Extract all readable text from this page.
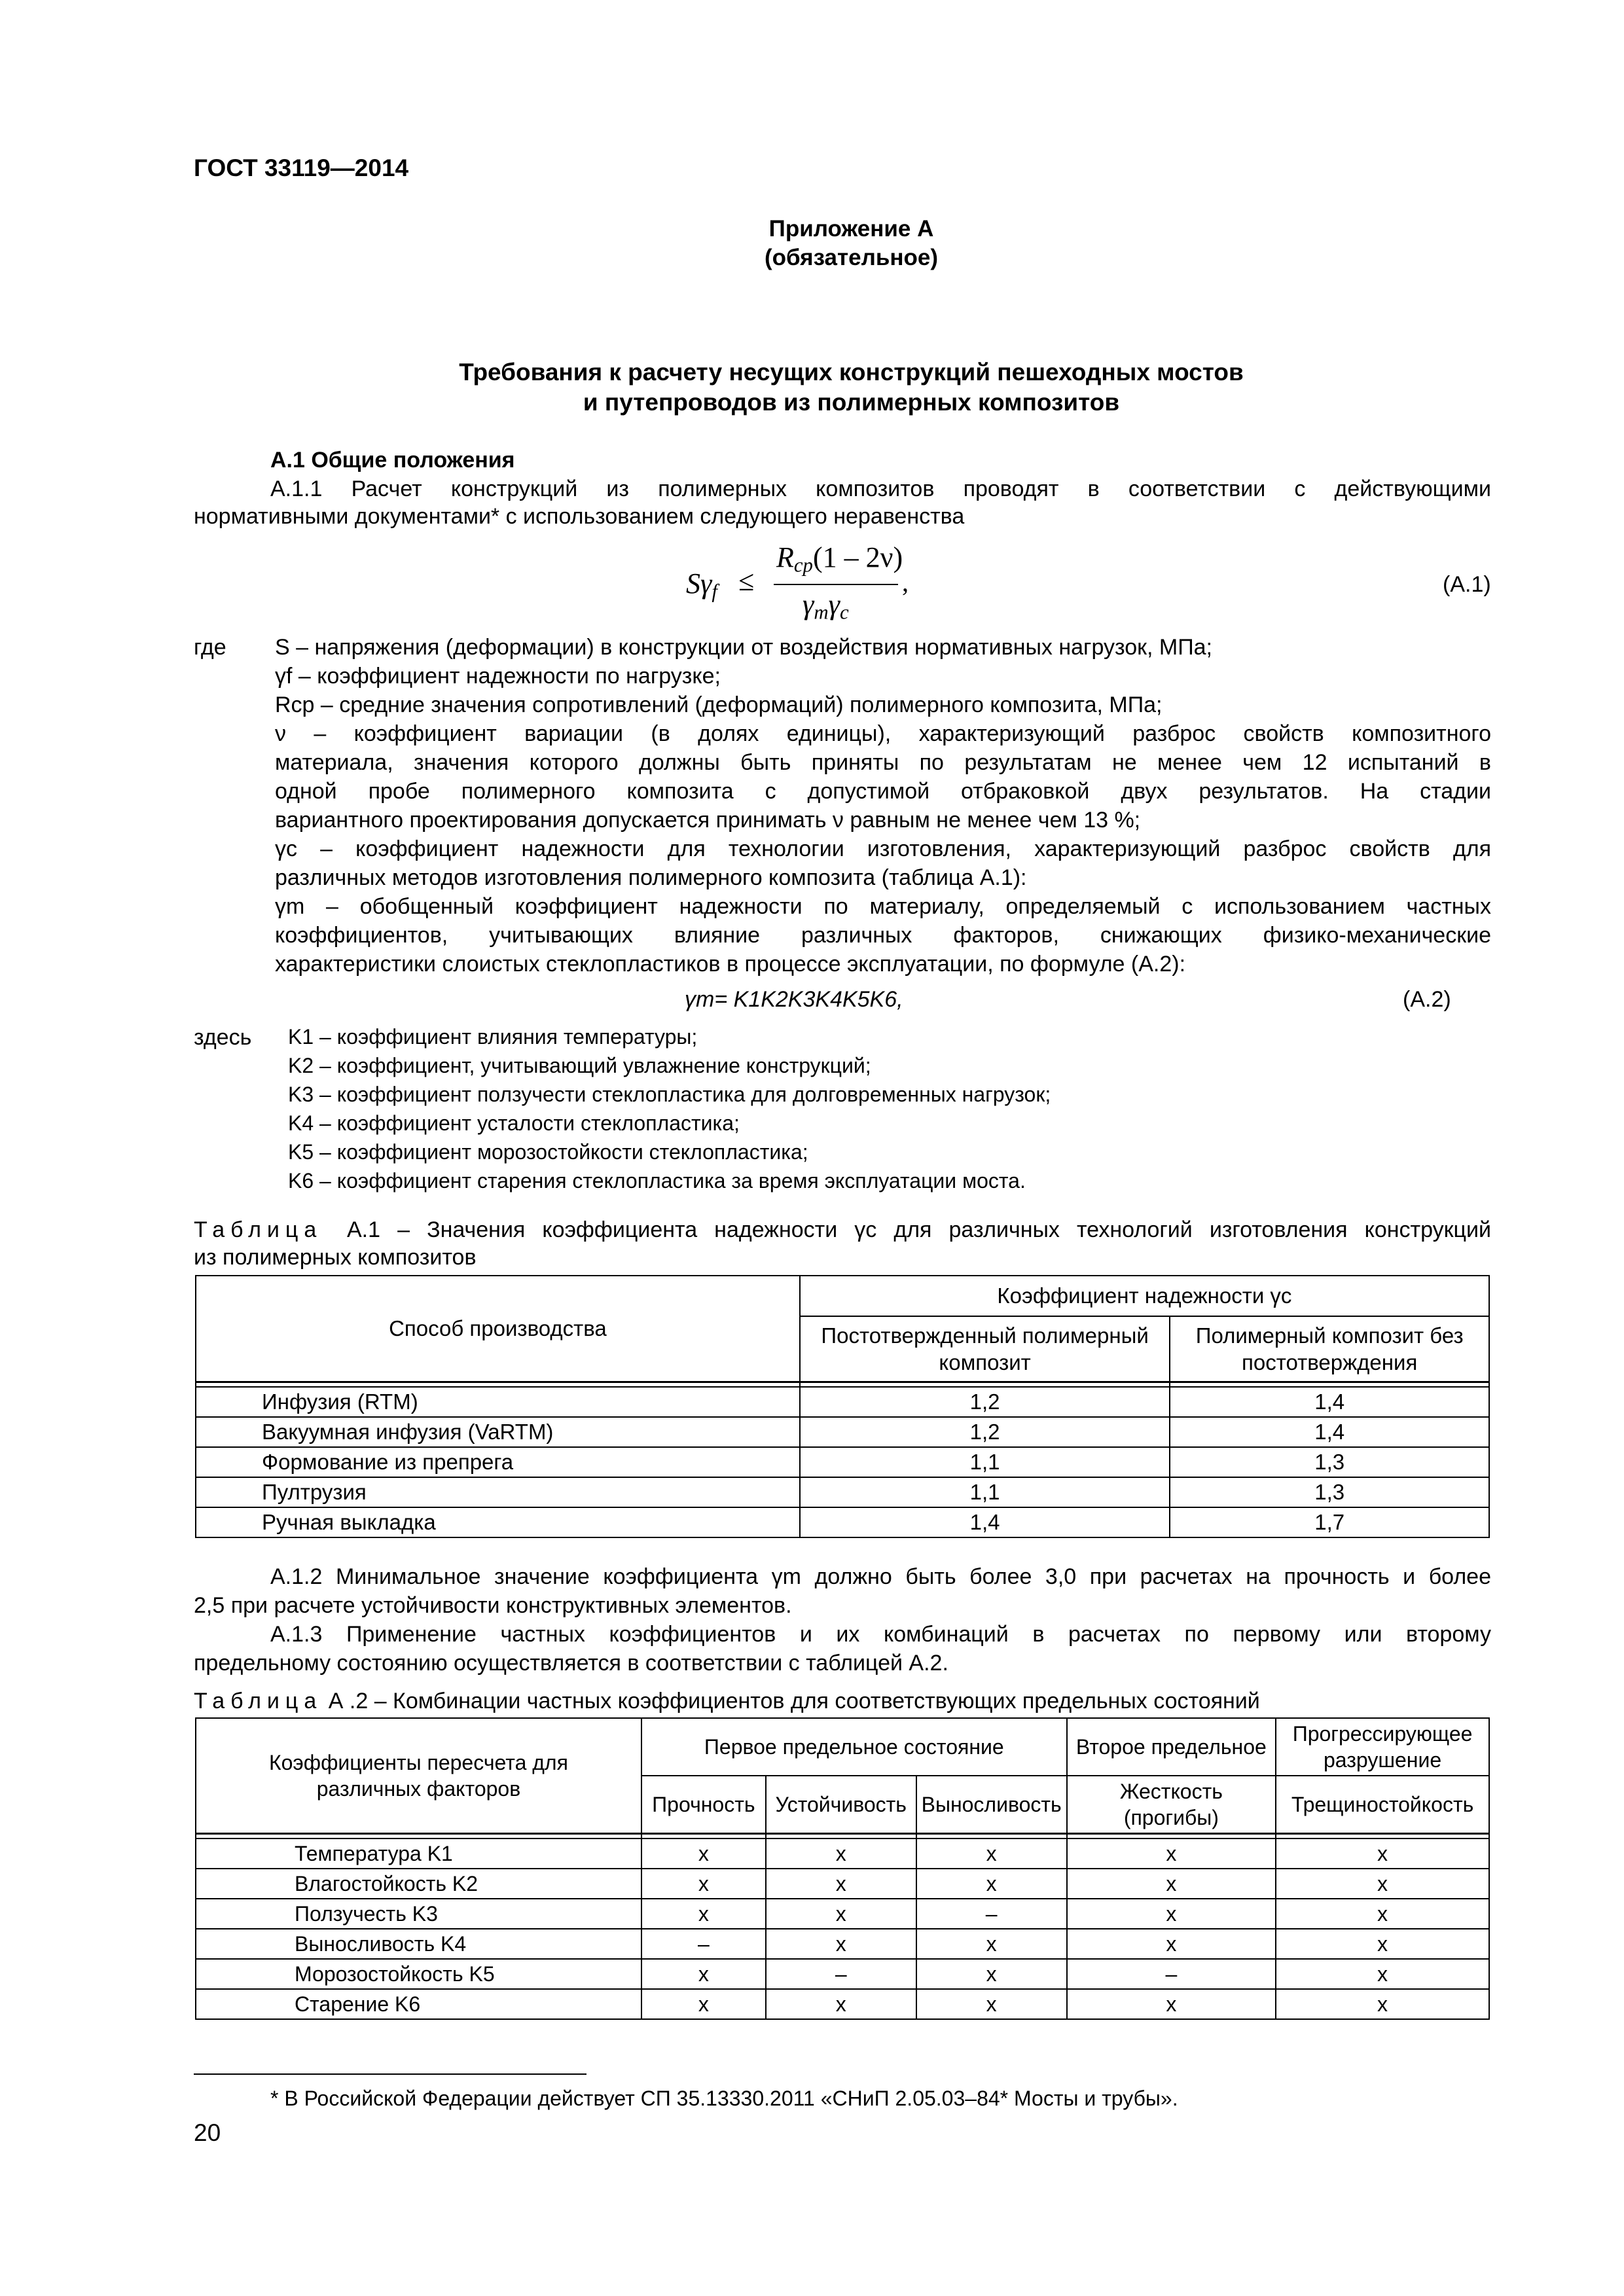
ГОСТ 33119—2014

Приложение А

(обязательное)

Требования к расчету несущих конструкций пешеходных мостов

и путепроводов из полимерных композитов

А.1 Общие положения

А.1.1 Расчет конструкций из полимерных композитов проводят в соответствии с действующими

нормативными документами* с использованием следующего неравенства

$S\gamma_f$ ≤

$R_{ср}(1 - 2\nu)$

$\gamma_m\gamma_c$

,	(А.1)

где S – напряжения (деформации) в конструкции от воздействия нормативных нагрузок, МПа;

γf – коэффициент надежности по нагрузке;

Rср – средние значения сопротивлений (деформаций) полимерного композита, МПа;

ν – коэффициент вариации (в долях единицы), характеризующий разброс свойств композитного

материала, значения которого должны быть приняты по результатам не менее чем 12 испытаний в

одной пробе полимерного композита с допустимой отбраковкой двух результатов. На стадии

вариантного проектирования допускается принимать ν равным не менее чем 13 %;

γc – коэффициент надежности для технологии изготовления, характеризующий разброс свойств для

различных методов изготовления полимерного композита (таблица А.1):

γm – обобщенный коэффициент надежности по материалу, определяемый с использованием частных

коэффициентов, учитывающих влияние различных факторов, снижающих физико-механические

характеристики слоистых стеклопластиков в процессе эксплуатации, по формуле (А.2):

γm= K1K2K3K4K5K6,	(А.2)

здесь K1 – коэффициент влияния температуры;

K2 – коэффициент, учитывающий увлажнение конструкций;

K3 – коэффициент ползучести стеклопластика для долговременных нагрузок;

K4 – коэффициент усталости стеклопластика;

K5 – коэффициент морозостойкости стеклопластика;

K6 – коэффициент старения стеклопластика за время эксплуатации моста.

Таблица А.1 – Значения коэффициента надежности γc для различных технологий изготовления конструкций

из полимерных композитов

Способ производства	Коэффициент надежности γc	
	Постотвержденный полимерный композит	Полимерный композит без постотверждения

Инфузия (RTM)	1,2	1,4
Вакуумная инфузия (VaRTM)	1,2	1,4
Формование из препрега	1,1	1,3
Пултрузия	1,1	1,3
Ручная выкладка	1,4	1,7

А.1.2 Минимальное значение коэффициента γm должно быть более 3,0 при расчетах на прочность и более

2,5 при расчете устойчивости конструктивных элементов.

А.1.3 Применение частных коэффициентов и их комбинаций в расчетах по первому или второму

предельному состоянию осуществляется в соответствии с таблицей А.2.

Таблица А .2 – Комбинации частных коэффициентов для соответствующих предельных состояний

Коэффициенты пересчета для различных факторов	Первое предельное состояние			Второе предельное	Прогрессирующее разрушение
	Прочность	Устойчивость	Выносливость	Жесткость (прогибы)	Трещиностойкость

Температура K1	x	x	x	x	x
Влагостойкость K2	x	x	x	x	x
Ползучесть K3	x	x	–	x	x
Выносливость K4	–	x	x	x	x
Морозостойкость K5	x	–	x	–	x
Старение K6	x	x	x	x	x

* В Российской Федерации действует СП 35.13330.2011 «СНиП 2.05.03–84* Мосты и трубы».

20
